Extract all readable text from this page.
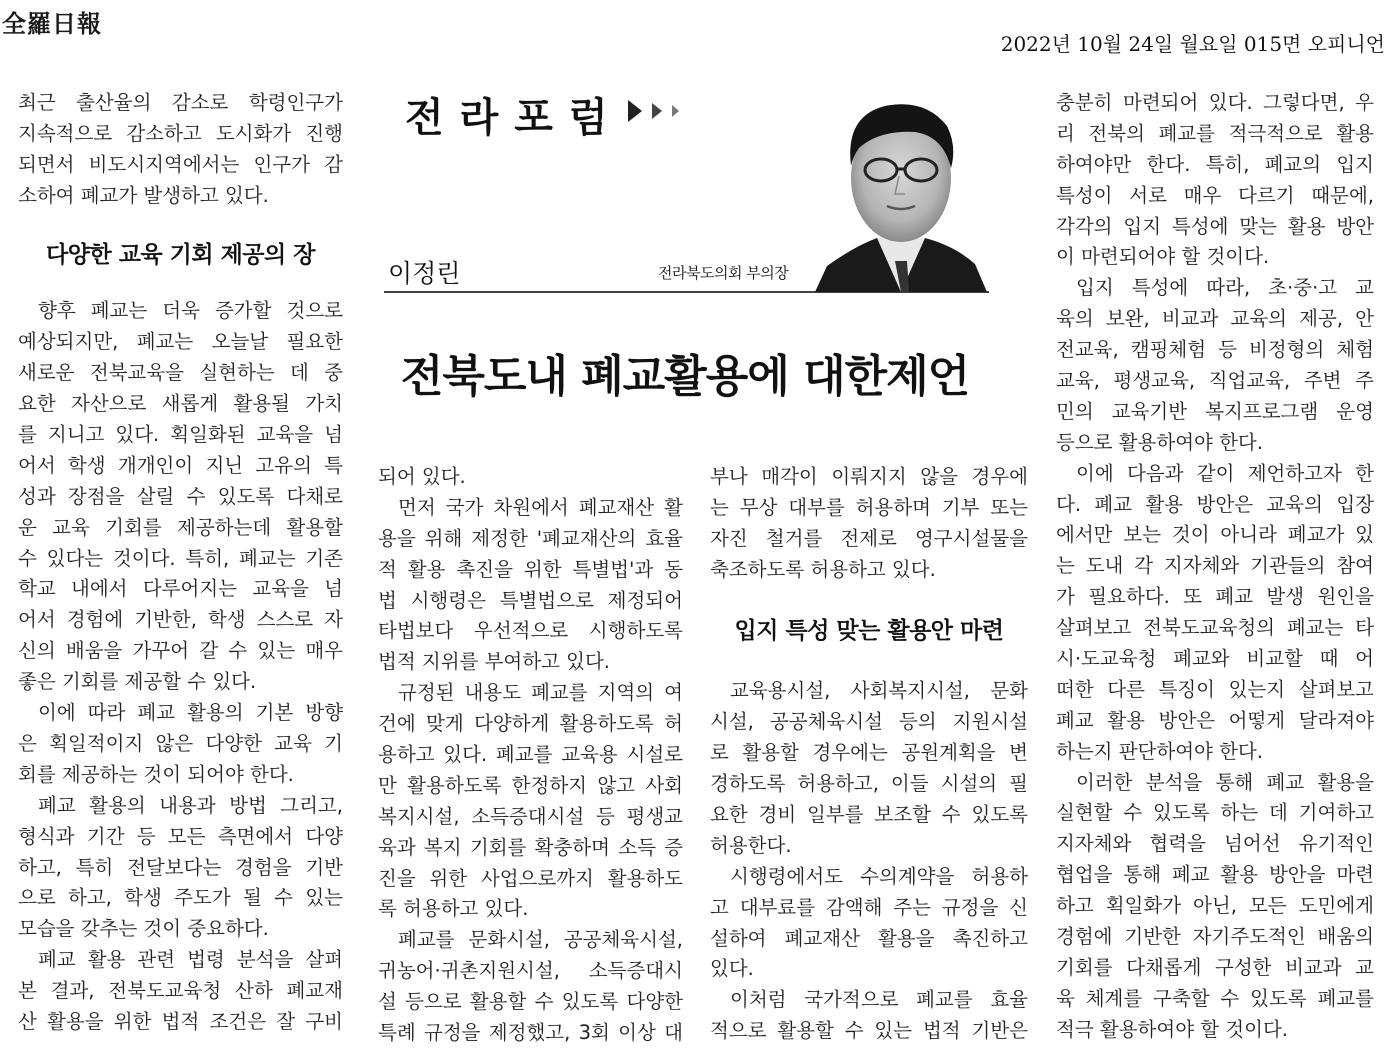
全羅日報
2022년 10월 24일 월요일 015면 오피니언
최근 출산율의 감소로 학령인구가
지속적으로 감소하고 도시화가 진행
되면서 비도시지역에서는 인구가 감
소하여 폐교가 발생하고 있다.
다양한 교육 기회 제공의 장
향후 폐교는 더욱 증가할 것으로
예상되지만, 폐교는 오늘날 필요한
새로운 전북교육을 실현하는 데 중
요한 자산으로 새롭게 활용될 가치
를 지니고 있다. 획일화된 교육을 넘
어서 학생 개개인이 지닌 고유의 특
성과 장점을 살릴 수 있도록 다채로
운 교육 기회를 제공하는데 활용할
수 있다는 것이다. 특히, 폐교는 기존
학교 내에서 다루어지는 교육을 넘
어서 경험에 기반한, 학생 스스로 자
신의 배움을 가꾸어 갈 수 있는 매우
좋은 기회를 제공할 수 있다.
이에 따라 폐교 활용의 기본 방향
은 획일적이지 않은 다양한 교육 기
회를 제공하는 것이 되어야 한다.
폐교 활용의 내용과 방법 그리고,
형식과 기간 등 모든 측면에서 다양
하고, 특히 전달보다는 경험을 기반
으로 하고, 학생 주도가 될 수 있는
모습을 갖추는 것이 중요하다.
폐교 활용 관련 법령 분석을 살펴
본 결과, 전북도교육청 산하 폐교재
산 활용을 위한 법적 조건은 잘 구비
전라포럼
이정린	전라북도의회 부의장
전북도내 폐교활용에 대한제언
되어 있다.
먼저 국가 차원에서 폐교재산 활
용을 위해 제정한 '폐교재산의 효율
적 활용 촉진을 위한 특별법'과 동
법 시행령은 특별법으로 제정되어
타법보다 우선적으로 시행하도록
법적 지위를 부여하고 있다.
규정된 내용도 폐교를 지역의 여
건에 맞게 다양하게 활용하도록 허
용하고 있다. 폐교를 교육용 시설로
만 활용하도록 한정하지 않고 사회
복지시설, 소득증대시설 등 평생교
육과 복지 기회를 확충하며 소득 증
진을 위한 사업으로까지 활용하도
록 허용하고 있다.
폐교를 문화시설, 공공체육시설,
귀농어·귀촌지원시설, 소득증대시
설 등으로 활용할 수 있도록 다양한
특례 규정을 제정했고, 3회 이상 대
부나 매각이 이뤄지지 않을 경우에
는 무상 대부를 허용하며 기부 또는
자진 철거를 전제로 영구시설물을
축조하도록 허용하고 있다.
입지 특성 맞는 활용안 마련
교육용시설, 사회복지시설, 문화
시설, 공공체육시설 등의 지원시설
로 활용할 경우에는 공원계획을 변
경하도록 허용하고, 이들 시설의 필
요한 경비 일부를 보조할 수 있도록
허용한다.
시행령에서도 수의계약을 허용하
고 대부료를 감액해 주는 규정을 신
설하여 폐교재산 활용을 촉진하고
있다.
이처럼 국가적으로 폐교를 효율
적으로 활용할 수 있는 법적 기반은
충분히 마련되어 있다. 그렇다면, 우
리 전북의 폐교를 적극적으로 활용
하여야만 한다. 특히, 폐교의 입지
특성이 서로 매우 다르기 때문에,
각각의 입지 특성에 맞는 활용 방안
이 마련되어야 할 것이다.
입지 특성에 따라, 초·중·고 교
육의 보완, 비교과 교육의 제공, 안
전교육, 캠핑체험 등 비정형의 체험
교육, 평생교육, 직업교육, 주변 주
민의 교육기반 복지프로그램 운영
등으로 활용하여야 한다.
이에 다음과 같이 제언하고자 한
다. 폐교 활용 방안은 교육의 입장
에서만 보는 것이 아니라 폐교가 있
는 도내 각 지자체와 기관들의 참여
가 필요하다. 또 폐교 발생 원인을
살펴보고 전북도교육청의 폐교는 타
시·도교육청 폐교와 비교할 때 어
떠한 다른 특징이 있는지 살펴보고
폐교 활용 방안은 어떻게 달라져야
하는지 판단하여야 한다.
이러한 분석을 통해 폐교 활용을
실현할 수 있도록 하는 데 기여하고
지자체와 협력을 넘어선 유기적인
협업을 통해 폐교 활용 방안을 마련
하고 획일화가 아닌, 모든 도민에게
경험에 기반한 자기주도적인 배움의
기회를 다채롭게 구성한 비교과 교
육 체계를 구축할 수 있도록 폐교를
적극 활용하여야 할 것이다.
